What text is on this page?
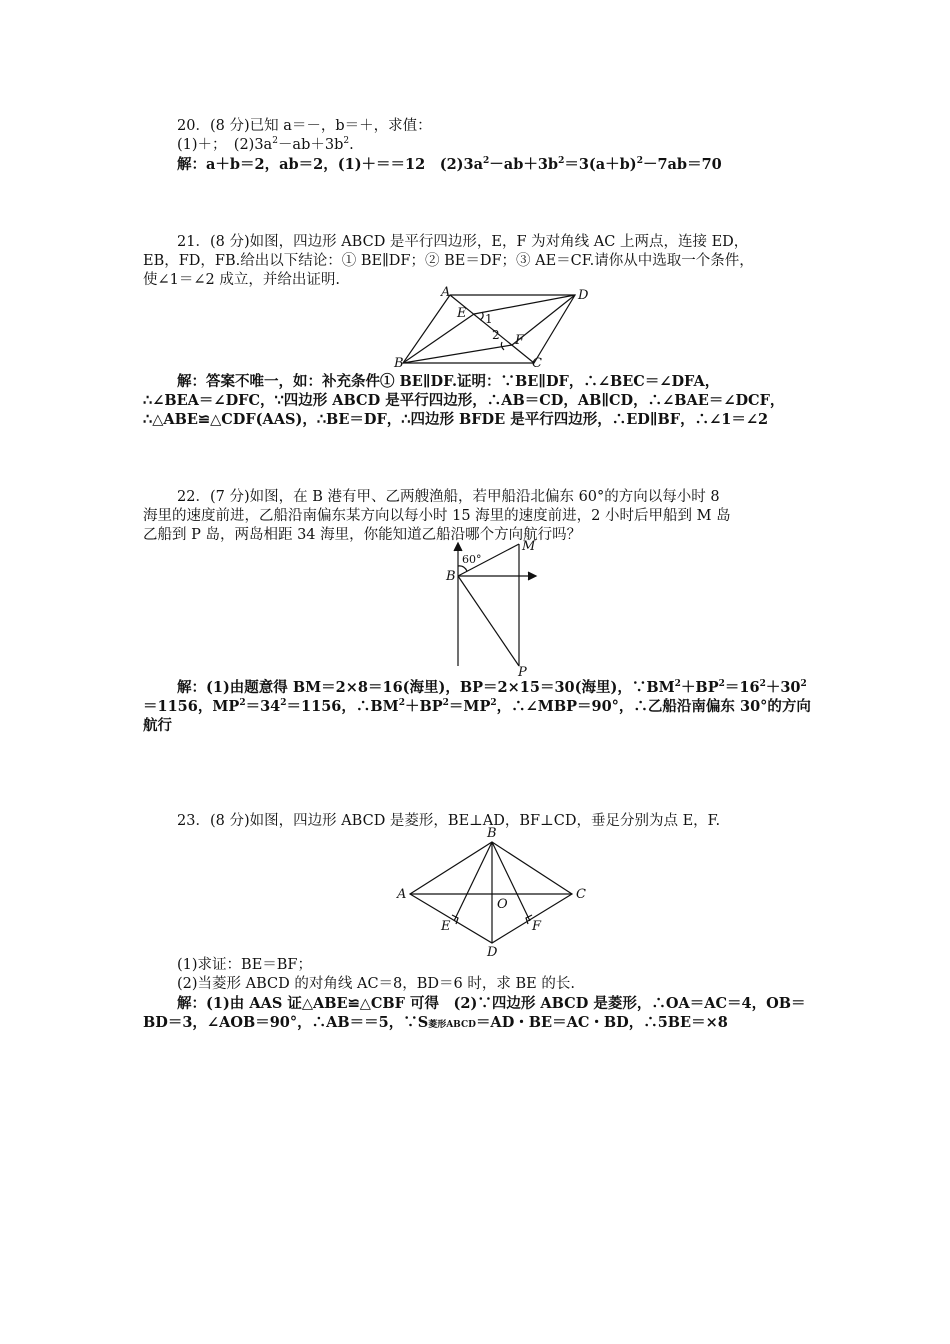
20．(8 分)已知 a＝－，b＝＋，求值：
(1)＋；　$(2)3a^2-ab+3b^2$.
解：a＋b＝2，ab＝2，(1)＋＝＝12　$(2)3a^2-ab+3b^2=3(a+b)^2-7ab=70$
21．(8 分)如图，四边形 ABCD 是平行四边形，E，F 为对角线 AC 上两点，连接 ED，
EB，FD，FB.给出以下结论：① BE∥DF；② BE＝DF；③ AE＝CF.请你从中选取一个条件，
使∠1＝∠2 成立，并给出证明.
A	D
B	C
E
F
1
2
解：答案不唯一，如：补充条件① BE∥DF.证明：∵BE∥DF，∴∠BEC＝∠DFA，
∴∠BEA＝∠DFC，∵四边形 ABCD 是平行四边形，∴AB＝CD，AB∥CD，∴∠BAE＝∠DCF，
∴△ABE≌△CDF(AAS)，∴BE＝DF，∴四边形 BFDE 是平行四边形，∴ED∥BF，∴∠1＝∠2
22．(7 分)如图，在 B 港有甲、乙两艘渔船，若甲船沿北偏东 60°的方向以每小时 8
海里的速度前进，乙船沿南偏东某方向以每小时 15 海里的速度前进，2 小时后甲船到 M 岛
乙船到 P 岛，两岛相距 34 海里，你能知道乙船沿哪个方向航行吗？
M
B
P
60°
解：(1)由题意得 BM＝2×8＝16(海里)，BP＝2×15＝30(海里)，$\because BM^2+BP^2=16^2+30^2$
＝1156，$MP^2=34^2=1156$，$\therefore BM^2+BP^2=MP^2$，∴∠MBP＝90°，∴乙船沿南偏东 30°的方向
航行
23．(8 分)如图，四边形 ABCD 是菱形，BE⊥AD，BF⊥CD，垂足分别为点 E，F.
B
A	C
D
O
E	F
(1)求证：BE＝BF；
(2)当菱形 ABCD 的对角线 AC＝8，BD＝6 时，求 BE 的长.
解：(1)由 AAS 证△ABE≌△CBF 可得　(2)∵四边形 ABCD 是菱形，∴OA＝AC＝4，OB＝
BD＝3，∠AOB＝90°，∴AB＝＝5，∵S菱形ABCD＝AD・BE＝AC・BD，∴5BE＝×8
